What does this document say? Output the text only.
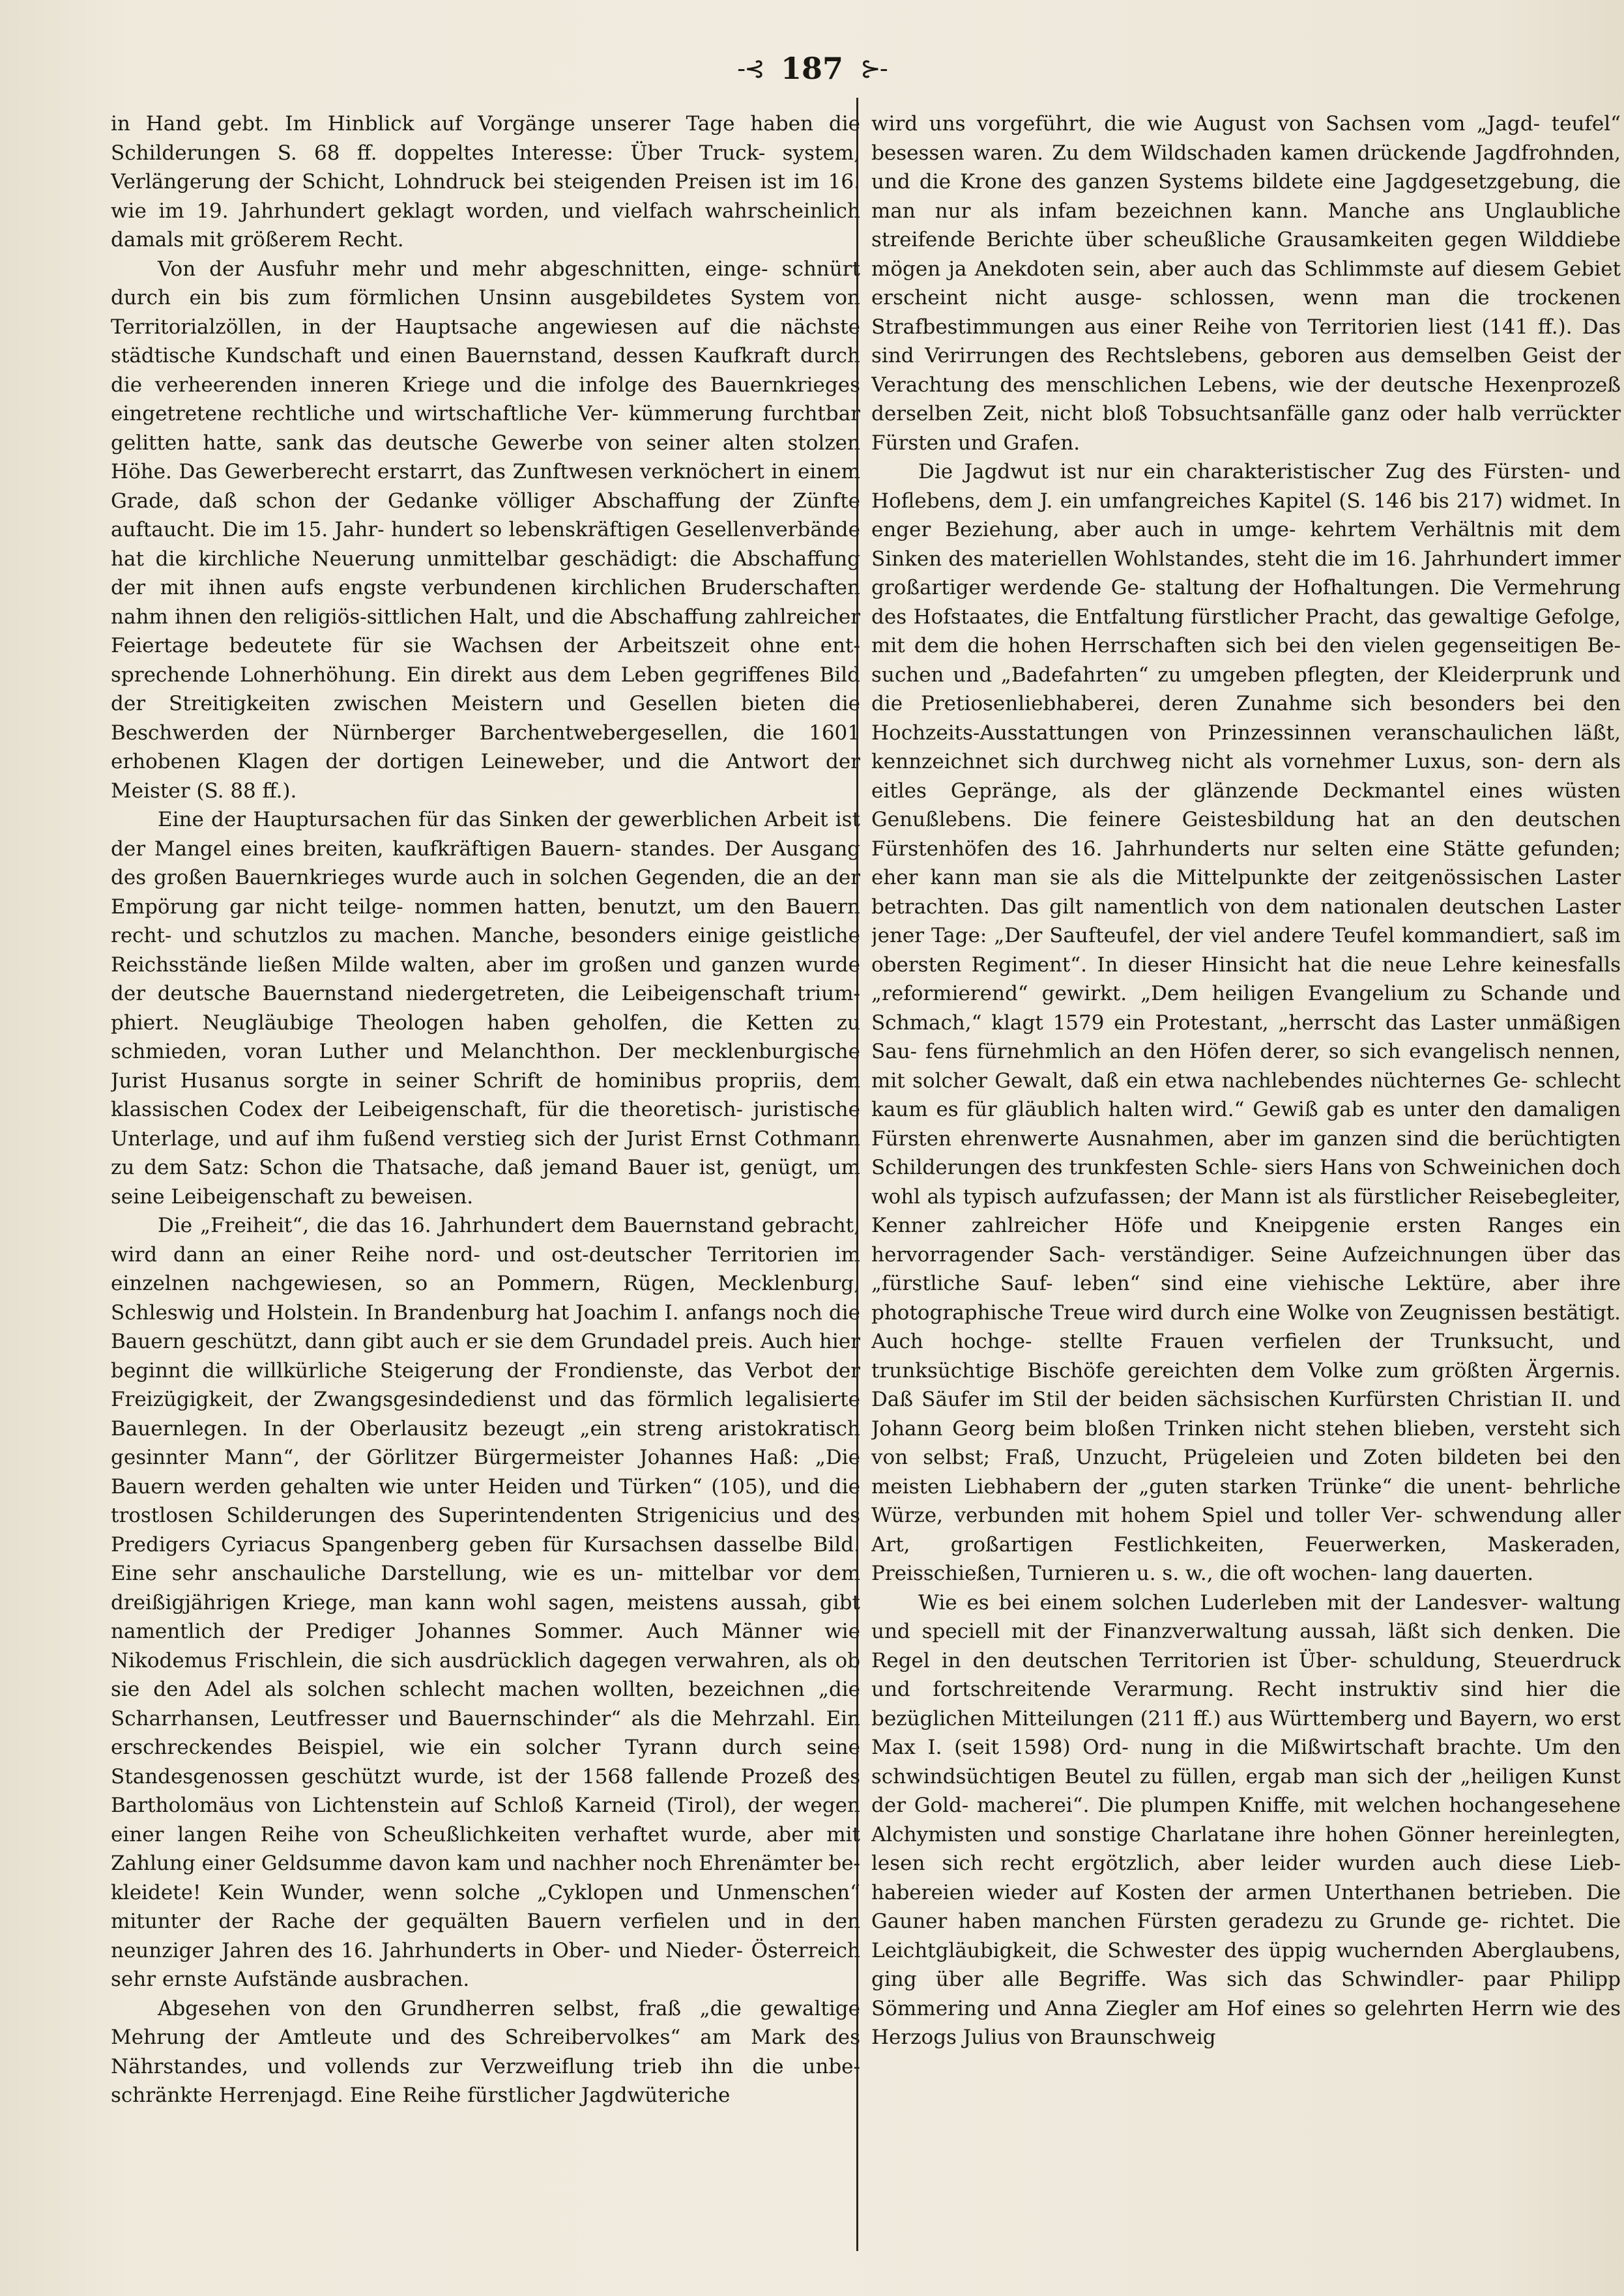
-⊰ 187 ⊱-

in Hand gebt. Im Hinblick auf Vorgänge unserer Tage haben die Schilderungen S. 68 ff. doppeltes Interesse: Über Truck- system, Verlängerung der Schicht, Lohndruck bei steigenden Preisen ist im 16. wie im 19. Jahrhundert geklagt worden, und vielfach wahrscheinlich damals mit größerem Recht.

Von der Ausfuhr mehr und mehr abgeschnitten, einge- schnürt durch ein bis zum förmlichen Unsinn ausgebildetes System von Territorialzöllen, in der Hauptsache angewiesen auf die nächste städtische Kundschaft und einen Bauernstand, dessen Kaufkraft durch die verheerenden inneren Kriege und die infolge des Bauernkrieges eingetretene rechtliche und wirtschaftliche Ver- kümmerung furchtbar gelitten hatte, sank das deutsche Gewerbe von seiner alten stolzen Höhe. Das Gewerberecht erstarrt, das Zunftwesen verknöchert in einem Grade, daß schon der Gedanke völliger Abschaffung der Zünfte auftaucht. Die im 15. Jahr- hundert so lebenskräftigen Gesellenverbände hat die kirchliche Neuerung unmittelbar geschädigt: die Abschaffung der mit ihnen aufs engste verbundenen kirchlichen Bruderschaften nahm ihnen den religiös-sittlichen Halt, und die Abschaffung zahlreicher Feiertage bedeutete für sie Wachsen der Arbeitszeit ohne ent- sprechende Lohnerhöhung. Ein direkt aus dem Leben gegriffenes Bild der Streitigkeiten zwischen Meistern und Gesellen bieten die Beschwerden der Nürnberger Barchentwebergesellen, die 1601 erhobenen Klagen der dortigen Leineweber, und die Antwort der Meister (S. 88 ff.).

Eine der Hauptursachen für das Sinken der gewerblichen Arbeit ist der Mangel eines breiten, kaufkräftigen Bauern- standes. Der Ausgang des großen Bauernkrieges wurde auch in solchen Gegenden, die an der Empörung gar nicht teilge- nommen hatten, benutzt, um den Bauern recht- und schutzlos zu machen. Manche, besonders einige geistliche Reichsstände ließen Milde walten, aber im großen und ganzen wurde der deutsche Bauernstand niedergetreten, die Leibeigenschaft trium- phiert. Neugläubige Theologen haben geholfen, die Ketten zu schmieden, voran Luther und Melanchthon. Der mecklenburgische Jurist Husanus sorgte in seiner Schrift de hominibus propriis, dem klassischen Codex der Leibeigenschaft, für die theoretisch- juristische Unterlage, und auf ihm fußend verstieg sich der Jurist Ernst Cothmann zu dem Satz: Schon die Thatsache, daß jemand Bauer ist, genügt, um seine Leibeigenschaft zu beweisen.

Die „Freiheit“, die das 16. Jahrhundert dem Bauernstand gebracht, wird dann an einer Reihe nord- und ost-deutscher Territorien im einzelnen nachgewiesen, so an Pommern, Rügen, Mecklenburg, Schleswig und Holstein. In Brandenburg hat Joachim I. anfangs noch die Bauern geschützt, dann gibt auch er sie dem Grundadel preis. Auch hier beginnt die willkürliche Steigerung der Frondienste, das Verbot der Freizügigkeit, der Zwangsgesindedienst und das förmlich legalisierte Bauernlegen. In der Oberlausitz bezeugt „ein streng aristokratisch gesinnter Mann“, der Görlitzer Bürgermeister Johannes Haß: „Die Bauern werden gehalten wie unter Heiden und Türken“ (105), und die trostlosen Schilderungen des Superintendenten Strigenicius und des Predigers Cyriacus Spangenberg geben für Kursachsen dasselbe Bild. Eine sehr anschauliche Darstellung, wie es un- mittelbar vor dem dreißigjährigen Kriege, man kann wohl sagen, meistens aussah, gibt namentlich der Prediger Johannes Sommer. Auch Männer wie Nikodemus Frischlein, die sich ausdrücklich dagegen verwahren, als ob sie den Adel als solchen schlecht machen wollten, bezeichnen „die Scharrhansen, Leutfresser und Bauernschinder“ als die Mehrzahl. Ein erschreckendes Beispiel, wie ein solcher Tyrann durch seine Standesgenossen geschützt wurde, ist der 1568 fallende Prozeß des Bartholomäus von Lichtenstein auf Schloß Karneid (Tirol), der wegen einer langen Reihe von Scheußlichkeiten verhaftet wurde, aber mit Zahlung einer Geldsumme davon kam und nachher noch Ehrenämter be- kleidete! Kein Wunder, wenn solche „Cyklopen und Unmenschen“ mitunter der Rache der gequälten Bauern verfielen und in den neunziger Jahren des 16. Jahrhunderts in Ober- und Nieder- Österreich sehr ernste Aufstände ausbrachen.

Abgesehen von den Grundherren selbst, fraß „die gewaltige Mehrung der Amtleute und des Schreibervolkes“ am Mark des Nährstandes, und vollends zur Verzweiflung trieb ihn die unbe- schränkte Herrenjagd. Eine Reihe fürstlicher Jagdwüteriche

wird uns vorgeführt, die wie August von Sachsen vom „Jagd- teufel“ besessen waren. Zu dem Wildschaden kamen drückende Jagdfrohnden, und die Krone des ganzen Systems bildete eine Jagdgesetzgebung, die man nur als infam bezeichnen kann. Manche ans Unglaubliche streifende Berichte über scheußliche Grausamkeiten gegen Wilddiebe mögen ja Anekdoten sein, aber auch das Schlimmste auf diesem Gebiet erscheint nicht ausge- schlossen, wenn man die trockenen Strafbestimmungen aus einer Reihe von Territorien liest (141 ff.). Das sind Verirrungen des Rechtslebens, geboren aus demselben Geist der Verachtung des menschlichen Lebens, wie der deutsche Hexenprozeß derselben Zeit, nicht bloß Tobsuchtsanfälle ganz oder halb verrückter Fürsten und Grafen.

Die Jagdwut ist nur ein charakteristischer Zug des Fürsten- und Hoflebens, dem J. ein umfangreiches Kapitel (S. 146 bis 217) widmet. In enger Beziehung, aber auch in umge- kehrtem Verhältnis mit dem Sinken des materiellen Wohlstandes, steht die im 16. Jahrhundert immer großartiger werdende Ge- staltung der Hofhaltungen. Die Vermehrung des Hofstaates, die Entfaltung fürstlicher Pracht, das gewaltige Gefolge, mit dem die hohen Herrschaften sich bei den vielen gegenseitigen Be- suchen und „Badefahrten“ zu umgeben pflegten, der Kleiderprunk und die Pretiosenliebhaberei, deren Zunahme sich besonders bei den Hochzeits-Ausstattungen von Prinzessinnen veranschaulichen läßt, kennzeichnet sich durchweg nicht als vornehmer Luxus, son- dern als eitles Gepränge, als der glänzende Deckmantel eines wüsten Genußlebens. Die feinere Geistesbildung hat an den deutschen Fürstenhöfen des 16. Jahrhunderts nur selten eine Stätte gefunden; eher kann man sie als die Mittelpunkte der zeitgenössischen Laster betrachten. Das gilt namentlich von dem nationalen deutschen Laster jener Tage: „Der Saufteufel, der viel andere Teufel kommandiert, saß im obersten Regiment“. In dieser Hinsicht hat die neue Lehre keinesfalls „reformierend“ gewirkt. „Dem heiligen Evangelium zu Schande und Schmach,“ klagt 1579 ein Protestant, „herrscht das Laster unmäßigen Sau- fens fürnehmlich an den Höfen derer, so sich evangelisch nennen, mit solcher Gewalt, daß ein etwa nachlebendes nüchternes Ge- schlecht kaum es für gläublich halten wird.“ Gewiß gab es unter den damaligen Fürsten ehrenwerte Ausnahmen, aber im ganzen sind die berüchtigten Schilderungen des trunkfesten Schle- siers Hans von Schweinichen doch wohl als typisch aufzufassen; der Mann ist als fürstlicher Reisebegleiter, Kenner zahlreicher Höfe und Kneipgenie ersten Ranges ein hervorragender Sach- verständiger. Seine Aufzeichnungen über das „fürstliche Sauf- leben“ sind eine viehische Lektüre, aber ihre photographische Treue wird durch eine Wolke von Zeugnissen bestätigt. Auch hochge- stellte Frauen verfielen der Trunksucht, und trunksüchtige Bischöfe gereichten dem Volke zum größten Ärgernis. Daß Säufer im Stil der beiden sächsischen Kurfürsten Christian II. und Johann Georg beim bloßen Trinken nicht stehen blieben, versteht sich von selbst; Fraß, Unzucht, Prügeleien und Zoten bildeten bei den meisten Liebhabern der „guten starken Trünke“ die unent- behrliche Würze, verbunden mit hohem Spiel und toller Ver- schwendung aller Art, großartigen Festlichkeiten, Feuerwerken, Maskeraden, Preisschießen, Turnieren u. s. w., die oft wochen- lang dauerten.

Wie es bei einem solchen Luderleben mit der Landesver- waltung und speciell mit der Finanzverwaltung aussah, läßt sich denken. Die Regel in den deutschen Territorien ist Über- schuldung, Steuerdruck und fortschreitende Verarmung. Recht instruktiv sind hier die bezüglichen Mitteilungen (211 ff.) aus Württemberg und Bayern, wo erst Max I. (seit 1598) Ord- nung in die Mißwirtschaft brachte. Um den schwindsüchtigen Beutel zu füllen, ergab man sich der „heiligen Kunst der Gold- macherei“. Die plumpen Kniffe, mit welchen hochangesehene Alchymisten und sonstige Charlatane ihre hohen Gönner hereinlegten, lesen sich recht ergötzlich, aber leider wurden auch diese Lieb- habereien wieder auf Kosten der armen Unterthanen betrieben. Die Gauner haben manchen Fürsten geradezu zu Grunde ge- richtet. Die Leichtgläubigkeit, die Schwester des üppig wuchernden Aberglaubens, ging über alle Begriffe. Was sich das Schwindler- paar Philipp Sömmering und Anna Ziegler am Hof eines so gelehrten Herrn wie des Herzogs Julius von Braunschweig
